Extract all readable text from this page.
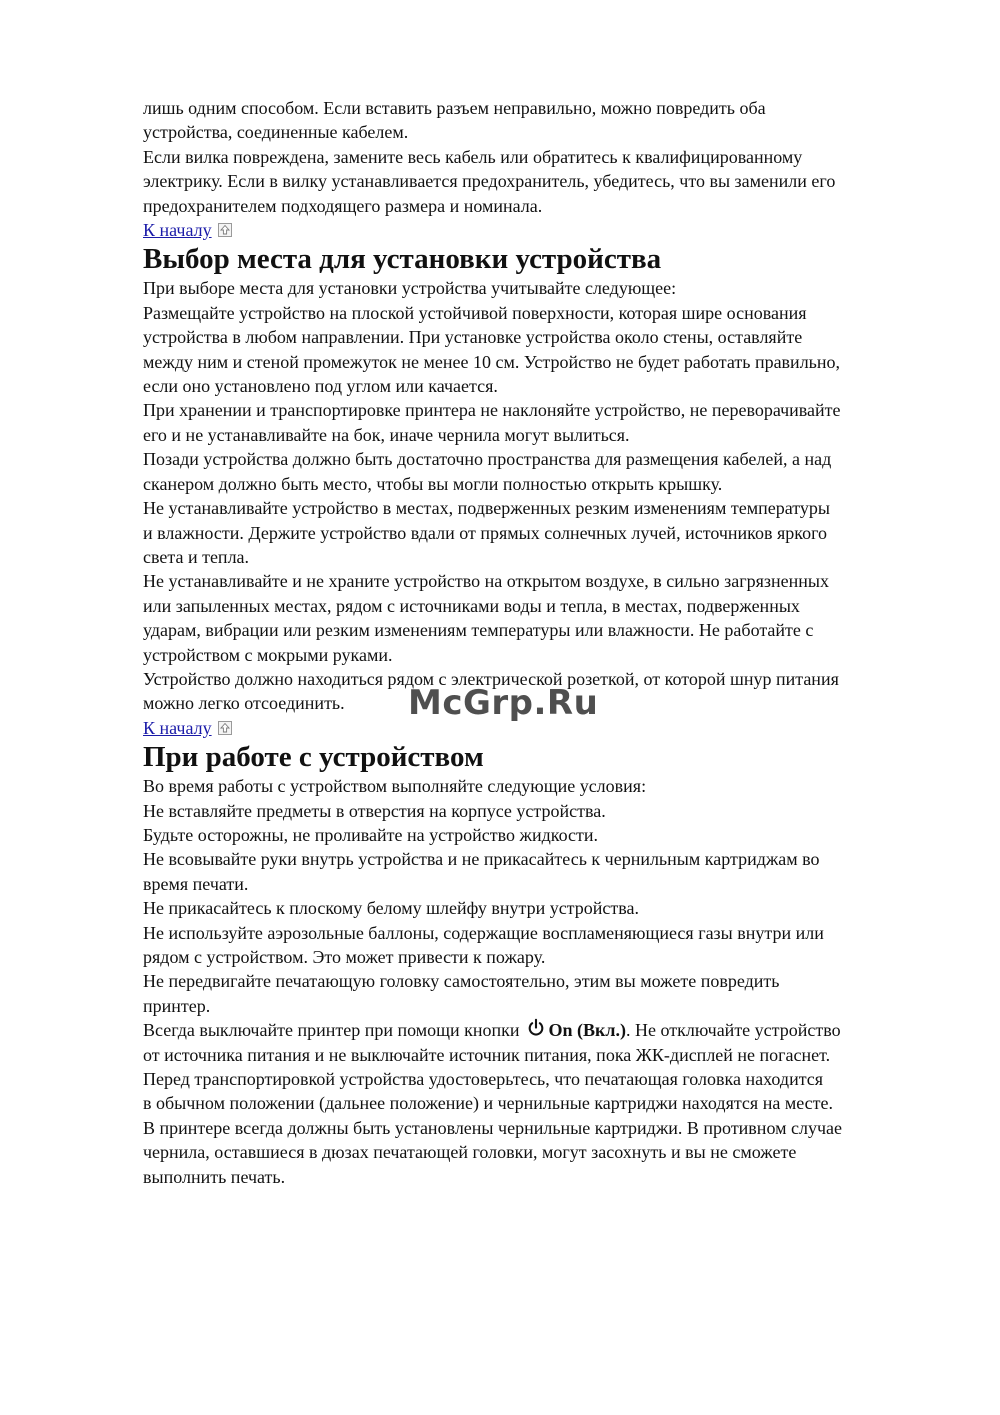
лишь одним способом. Если вставить разъем неправильно, можно повредить оба

устройства, соединенные кабелем.

Если вилка повреждена, замените весь кабель или обратитесь к квалифицированному

электрику. Если в вилку устанавливается предохранитель, убедитесь, что вы заменили его

предохранителем подходящего размера и номинала.

К началу
Выбор места для установки устройства

При выборе места для установки устройства учитывайте следующее:

Размещайте устройство на плоской устойчивой поверхности, которая шире основания

устройства в любом направлении. При установке устройства около стены, оставляйте

между ним и стеной промежуток не менее 10 см. Устройство не будет работать правильно,

если оно установлено под углом или качается.

При хранении и транспортировке принтера не наклоняйте устройство, не переворачивайте

его и не устанавливайте на бок, иначе чернила могут вылиться.

Позади устройства должно быть достаточно пространства для размещения кабелей, а над

сканером должно быть место, чтобы вы могли полностью открыть крышку.

Не устанавливайте устройство в местах, подверженных резким изменениям температуры

и влажности. Держите устройство вдали от прямых солнечных лучей, источников яркого

света и тепла.

Не устанавливайте и не храните устройство на открытом воздухе, в сильно загрязненных

или запыленных местах, рядом с источниками воды и тепла, в местах, подверженных

ударам, вибрации или резким изменениям температуры или влажности. Не работайте с

устройством с мокрыми руками.

Устройство должно находиться рядом с электрической розеткой, от которой шнур питания

можно легко отсоединить.

К началу
При работе с устройством

Во время работы с устройством выполняйте следующие условия:

Не вставляйте предметы в отверстия на корпусе устройства.

Будьте осторожны, не проливайте на устройство жидкости.

Не всовывайте руки внутрь устройства и не прикасайтесь к чернильным картриджам во

время печати.

Не прикасайтесь к плоскому белому шлейфу внутри устройства.

Не используйте аэрозольные баллоны, содержащие воспламеняющиеся газы внутри или

рядом с устройством. Это может привести к пожару.

Не передвигайте печатающую головку самостоятельно, этим вы можете повредить

принтер.

Всегда выключайте принтер при помощи кнопки On (Вкл.). Не отключайте устройство

от источника питания и не выключайте источник питания, пока ЖК-дисплей не погаснет.

Перед транспортировкой устройства удостоверьтесь, что печатающая головка находится

в обычном положении (дальнее положение) и чернильные картриджи находятся на месте.

В принтере всегда должны быть установлены чернильные картриджи. В противном случае

чернила, оставшиеся в дюзах печатающей головки, могут засохнуть и вы не сможете

выполнить печать.

McGrp.Ru
